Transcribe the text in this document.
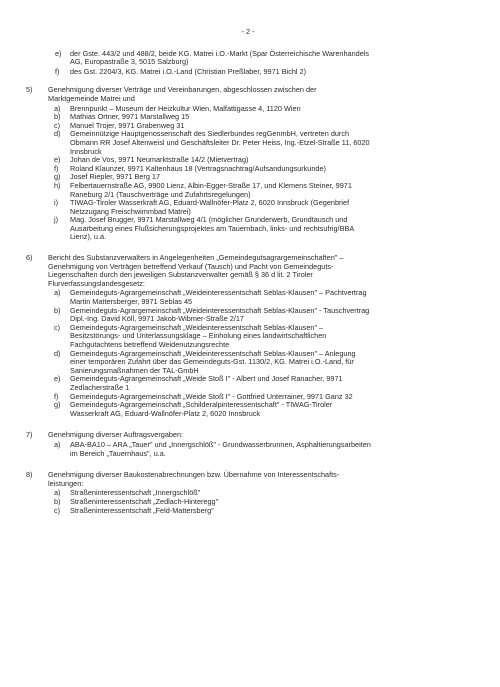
- 2 -
e) der Gste. 443/2 und 488/2, beide KG. Matrei i.O.-Markt (Spar Österreichische Warenhandels
AG, Europastraße 3, 5015 Salzburg)
f) des Gst. 2204/3, KG. Matrei i.O.-Land (Christian Preßlaber, 9971 Bichl 2)
5) Genehmigung diverser Verträge und Vereinbarungen, abgeschlossen zwischen der
Marktgemeinde Matrei und
a) Brennpunkt – Museum der Heizkultur Wien, Malfattigasse 4, 1120 Wien
b) Mathias Ortner, 9971 Marstallweg 15
c) Manuel Trojer, 9971 Grabenweg 31
d) Gemeinnützige Hauptgenossenschaft des Siedlerbundes regGenmbH, vertreten durch
Obmann RR Josef Altenweisl und Geschäftsleiter Dr. Peter Heiss, Ing.-Etzel-Straße 11, 6020
Innsbruck
e) Johan de Vos, 9971 Neumarktstraße 14/2 (Mietvertrag)
f) Roland Klaunzer, 9971 Kaltenhaus 18 (Vertragsnachtrag/Aufsandungsurkunde)
g) Josef Riepler, 9971 Berg 17
h) Felbertauernstraße AG, 9900 Lienz, Albin-Egger-Straße 17, und Klemens Steiner, 9971
Raneburg 2/1 (Tauschverträge und Zufahrtsregelungen)
i) TIWAG-Tiroler Wasserkraft AG, Eduard-Wallnöfer-Platz 2, 6020 Innsbruck (Gegenbrief
Netzzugang Freischwimmbad Matrei)
j) Mag. Josef Brugger, 9971 Marstallweg 4/1 (möglicher Grunderwerb, Grundtausch und
Ausarbeitung eines Flußsicherungsprojektes am Tauernbach, links- und rechtsufrig/BBA
Lienz), u.a.
6) Bericht des Substanzverwalters in Angelegenheiten „Gemeindegutsagrargemeinschaften" –
Genehmigung von Verträgen betreffend Verkauf (Tausch) und Pacht von Gemeindeguts-
Liegenschaften durch den jeweiligen Substanzverwalter gemäß § 36 d lit. 2 Tiroler
Flurverfassungslandesgesetz:
a) Gemeindeguts-Agrargemeinschaft „Weideinteressentschaft Seblas-Klausen" – Pachtvertrag
Martin Mattersberger, 9971 Seblas 45
b) Gemeindeguts-Agrargemeinschaft „Weideinteressentschaft Seblas-Klausen" - Tauschvertrag
Dipl.-Ing. David Köll, 9971 Jakob-Wibmer-Straße 2/17
c) Gemeindeguts-Agrargemeinschaft „Weideinteressentschaft Seblas-Klausen" –
Besitzstörungs- und Unterlassungsklage – Einholung eines landwirtschaftlichen
Fachgutachtens betreffend Weidenutzungsrechte
d) Gemeindeguts-Agrargemeinschaft „Weideinteressentschaft Seblas-Klausen" – Anlegung
einer temporären Zufahrt über das Gemeindeguts-Gst. 1130/2, KG. Matrei i.O.-Land, für
Sanierungsmaßnahmen der TAL-GmbH
e) Gemeindeguts-Agrargemeinschaft „Weide Stoß I" - Albert und Josef Ranacher, 9971
Zedlacherstraße 1
f) Gemeindeguts-Agrargemeinschaft „Weide Stoß I" - Gottfried Unterrainer, 9971 Ganz 32
g) Gemeindeguts-Agrargemeinschaft „Schilderalpinteressentschaft" - TIWAG-Tiroler
Wasserkraft AG, Eduard-Wallnöfer-Platz 2, 6020 Innsbruck
7) Genehmigung diverser Auftragsvergaben:
a) ABA-BA10 – ARA „Tauer" und „Innergschlöß" - Grundwasserbrunnen, Asphaltierungsarbeiten
im Bereich „Tauernhaus", u.a.
8) Genehmigung diverser Baukostenabrechnungen bzw. Übernahme von Interessentschafts-
leistungen:
a) Straßeninteressentschaft „Innergschlöß"
b) Straßeninteressentschaft „Zedlach-Hinteregg"
c) Straßeninteressentschaft „Feld-Mattersberg"
